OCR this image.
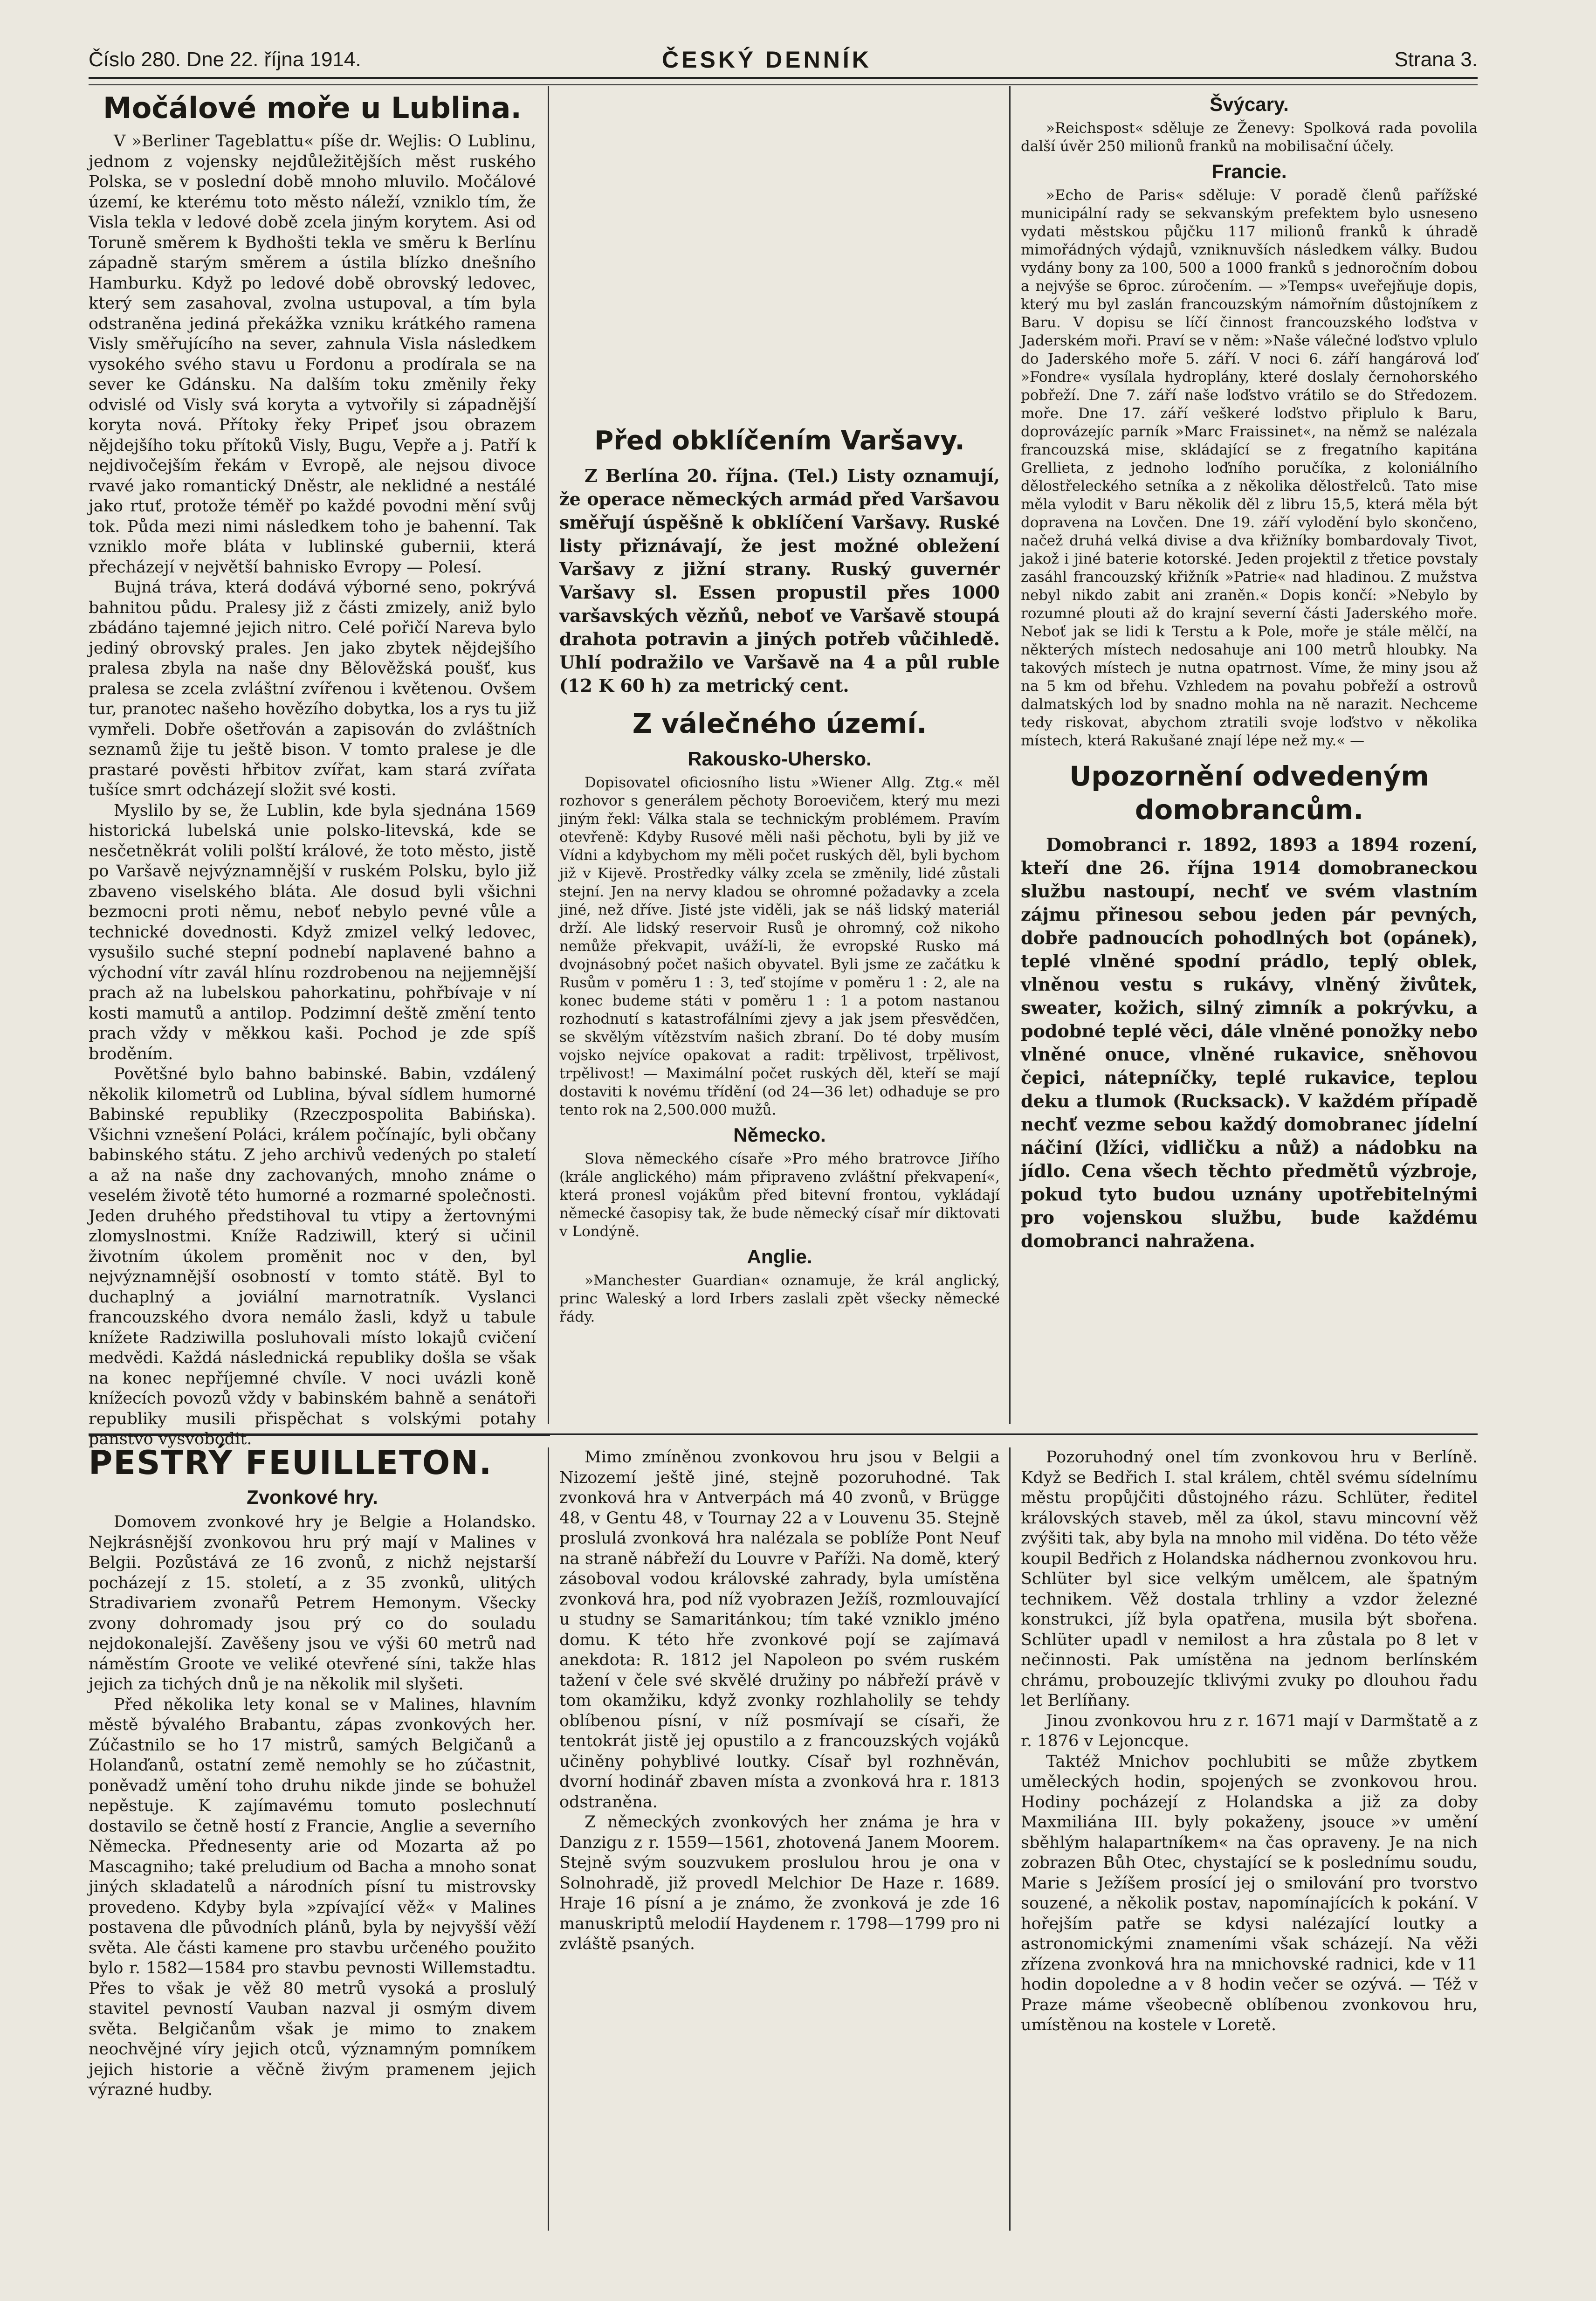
Číslo 280. Dne 22. října 1914.	ČESKÝ DENNÍK	Strana 3.
Močálové moře u Lublina.

V »Berliner Tageblattu« píše dr. Wejlis: O Lublinu, jednom z vojensky nejdůležitějších měst ruského Polska, se v poslední době mnoho mluvilo. Močálové území, ke kterému toto město náleží, vzniklo tím, že Visla tekla v ledové době zcela jiným korytem. Asi od Toruně směrem k Bydhošti tekla ve směru k Berlínu západně starým směrem a ústila blízko dnešního Hamburku. Když po ledové době obrovský ledovec, který sem zasahoval, zvolna ustupoval, a tím byla odstraněna jediná překážka vzniku krátkého ramena Visly směřujícího na sever, zahnula Visla následkem vysokého svého stavu u Fordonu a prodírala se na sever ke Gdánsku. Na dalším toku změnily řeky odvislé od Visly svá koryta a vytvořily si západnější koryta nová. Přítoky řeky Pripeť jsou obrazem nějdejšího toku přítoků Visly, Bugu, Vepře a j. Patří k nejdivočejším řekám v Evropě, ale nejsou divoce rvavé jako romantický Dněstr, ale neklidné a nestálé jako rtuť, protože téměř po každé povodni mění svůj tok. Půda mezi nimi následkem toho je bahenní. Tak vzniklo moře bláta v lublinské gubernii, která přecházejí v největší bahnisko Evropy — Polesí.

Bujná tráva, která dodává výborné seno, pokrývá bahnitou půdu. Pralesy již z části zmizely, aniž bylo zbádáno tajemné jejich nitro. Celé pořičí Nareva bylo jediný obrovský prales. Jen jako zbytek nějdejšího pralesa zbyla na naše dny Bělověžská poušť, kus pralesa se zcela zvláštní zvířenou i květenou. Ovšem tur, pranotec našeho hovězího dobytka, los a rys tu již vymřeli. Dobře ošetřován a zapisován do zvláštních seznamů žije tu ještě bison. V tomto pralese je dle prastaré pověsti hřbitov zvířat, kam stará zvířata tušíce smrt odcházejí složit své kosti.

Myslilo by se, že Lublin, kde byla sjednána 1569 historická lubelská unie polsko-litevská, kde se nesčetněkrát volili polští králové, že toto město, jistě po Varšavě nejvýznamnější v ruském Polsku, bylo již zbaveno viselského bláta. Ale dosud byli všichni bezmocni proti němu, neboť nebylo pevné vůle a technické dovednosti. Když zmizel velký ledovec, vysušilo suché stepní podnebí naplavené bahno a východní vítr zavál hlínu rozdrobenou na nejjemnější prach až na lubelskou pahorkatinu, pohřbívaje v ní kosti mamutů a antilop. Podzimní deště změní tento prach vždy v měkkou kaši. Pochod je zde spíš broděním.

Povětšné bylo bahno babinské. Babin, vzdálený několik kilometrů od Lublina, býval sídlem humorné Babinské republiky (Rzeczpospolita Babińska). Všichni vznešení Poláci, králem počínajíc, byli občany babinského státu. Z jeho archivů vedených po staletí a až na naše dny zachovaných, mnoho známe o veselém životě této humorné a rozmarné společnosti. Jeden druhého předstihoval tu vtipy a žertovnými zlomyslnostmi. Kníže Radziwill, který si učinil životním úkolem proměnit noc v den, byl nejvýznamnější osobností v tomto státě. Byl to duchaplný a joviální marnotratník. Vyslanci francouzského dvora nemálo žasli, když u tabule knížete Radziwilla posluhovali místo lokajů cvičení medvědi. Každá následnická republiky došla se však na konec nepříjemné chvíle. V noci uvázli koně knížecích povozů vždy v babinském bahně a senátoři republiky musili přispěchat s volskými potahy panstvo vysvobodit.

Před obklíčením Varšavy.

Z Berlína 20. října. (Tel.) Listy oznamují, že operace německých armád před Varšavou směřují úspěšně k obklíčení Varšavy. Ruské listy přiznávají, že jest možné obležení Varšavy z jižní strany. Ruský guvernér Varšavy sl. Essen propustil přes 1000 varšavských vězňů, neboť ve Varšavě stoupá drahota potravin a jiných potřeb vůčihledě. Uhlí podražilo ve Varšavě na 4 a půl ruble (12 K 60 h) za metrický cent.

Z válečného území.
Rakousko-Uhersko.

Dopisovatel oficiosního listu »Wiener Allg. Ztg.« měl rozhovor s generálem pěchoty Boroevičem, který mu mezi jiným řekl: Válka stala se technickým problémem. Pravím otevřeně: Kdyby Rusové měli naši pěchotu, byli by již ve Vídni a kdybychom my měli počet ruských děl, byli bychom již v Kijevě. Prostředky války zcela se změnily, lidé zůstali stejní. Jen na nervy kladou se ohromné požadavky a zcela jiné, než dříve. Jisté jste viděli, jak se náš lidský materiál drží. Ale lidský reservoir Rusů je ohromný, což nikoho nemůže překvapit, uváží-li, že evropské Rusko má dvojnásobný počet našich obyvatel. Byli jsme ze začátku k Rusům v poměru 1 : 3, teď stojíme v poměru 1 : 2, ale na konec budeme státi v poměru 1 : 1 a potom nastanou rozhodnutí s katastrofálními zjevy a jak jsem přesvědčen, se skvělým vítězstvím našich zbraní. Do té doby musím vojsko nejvíce opakovat a radit: trpělivost, trpělivost, trpělivost! — Maximální počet ruských děl, kteří se mají dostaviti k novému třídění (od 24—36 let) odhaduje se pro tento rok na 2,500.000 mužů.

Německo.

Slova německého císaře »Pro mého bratrovce Jiřího (krále anglického) mám připraveno zvláštní překvapení«, která pronesl vojákům před bitevní frontou, vykládají německé časopisy tak, že bude německý císař mír diktovati v Londýně.

Anglie.

»Manchester Guardian« oznamuje, že král anglický, princ Waleský a lord Irbers zaslali zpět všecky německé řády.

Švýcary.

»Reichspost« sděluje ze Ženevy: Spolková rada povolila další úvěr 250 milionů franků na mobilisační účely.

Francie.

»Echo de Paris« sděluje: V poradě členů pařížské municipální rady se sekvanským prefektem bylo usneseno vydati městskou půjčku 117 milionů franků k úhradě mimořádných výdajů, vzniknuvších následkem války. Budou vydány bony za 100, 500 a 1000 franků s jednoročním dobou a nejvýše se 6proc. zúročením. — »Temps« uveřejňuje dopis, který mu byl zaslán francouzským námořním důstojníkem z Baru. V dopisu se líčí činnost francouzského loďstva v Jaderském moři. Praví se v něm: »Naše válečné loďstvo vplulo do Jaderského moře 5. září. V noci 6. září hangárová loď »Fondre« vysílala hydroplány, které doslaly černohorského pobřeží. Dne 7. září naše loďstvo vrátilo se do Středozem. moře. Dne 17. září veškeré loďstvo připlulo k Baru, doprovázejíc parník »Marc Fraissinet«, na němž se nalézala francouzská mise, skládající se z fregatního kapitána Grellieta, z jednoho loďního poručíka, z koloniálního dělostřeleckého setníka a z několika dělostřelců. Tato mise měla vylodit v Baru několik děl z libru 15,5, která měla být dopravena na Lovčen. Dne 19. září vylodění bylo skončeno, načež druhá velká divise a dva křižníky bombardovaly Tivot, jakož i jiné baterie kotorské. Jeden projektil z třetice povstaly zasáhl francouzský křižník »Patrie« nad hladinou. Z mužstva nebyl nikdo zabit ani zraněn.« Dopis končí: »Nebylo by rozumné plouti až do krajní severní části Jaderského moře. Neboť jak se lidi k Terstu a k Pole, moře je stále mělčí, na některých místech nedosahuje ani 100 metrů hloubky. Na takových místech je nutna opatrnost. Víme, že miny jsou až na 5 km od břehu. Vzhledem na povahu pobřeží a ostrovů dalmatských lod by snadno mohla na ně narazit. Nechceme tedy riskovat, abychom ztratili svoje loďstvo v několika místech, která Rakušané znají lépe než my.« —

Upozornění odvedeným domobrancům.

Domobranci r. 1892, 1893 a 1894 rození, kteří dne 26. října 1914 domobraneckou službu nastoupí, nechť ve svém vlastním zájmu přinesou sebou jeden pár pevných, dobře padnoucích pohodlných bot (opánek), teplé vlněné spodní prádlo, teplý oblek, vlněnou vestu s rukávy, vlněný živůtek, sweater, kožich, silný zimník a pokrývku, a podobné teplé věci, dále vlněné ponožky nebo vlněné onuce, vlněné rukavice, sněhovou čepici, nátepníčky, teplé rukavice, teplou deku a tlumok (Rucksack). V každém případě nechť vezme sebou každý domobranec jídelní náčiní (lžíci, vidličku a nůž) a nádobku na jídlo. Cena všech těchto předmětů výzbroje, pokud tyto budou uznány upotřebitelnými pro vojenskou službu, bude každému domobranci nahražena.

PESTRÝ FEUILLETON.
Zvonkové hry.

Domovem zvonkové hry je Belgie a Holandsko. Nejkrásnější zvonkovou hru prý mají v Malines v Belgii. Pozůstává ze 16 zvonů, z nichž nejstarší pocházejí z 15. století, a z 35 zvonků, ulitých Stradivariem zvonařů Petrem Hemonym. Všecky zvony dohromady jsou prý co do souladu nejdokonalejší. Zavěšeny jsou ve výši 60 metrů nad náměstím Groote ve veliké otevřené síni, takže hlas jejich za tichých dnů je na několik mil slyšeti.

Před několika lety konal se v Malines, hlavním městě bývalého Brabantu, zápas zvonkových her. Zúčastnilo se ho 17 mistrů, samých Belgičanů a Holanďanů, ostatní země nemohly se ho zúčastnit, poněvadž umění toho druhu nikde jinde se bohužel nepěstuje. K zajímavému tomuto poslechnutí dostavilo se četně hostí z Francie, Anglie a severního Německa. Přednesenty arie od Mozarta až po Mascagniho; také preludium od Bacha a mnoho sonat jiných skladatelů a národních písní tu mistrovsky provedeno. Kdyby byla »zpívající věž« v Malines postavena dle původních plánů, byla by nejvyšší věží světa. Ale části kamene pro stavbu určeného použito bylo r. 1582—1584 pro stavbu pevnosti Willemstadtu. Přes to však je věž 80 metrů vysoká a proslulý stavitel pevností Vauban nazval ji osmým divem světa. Belgičanům však je mimo to znakem neochvějné víry jejich otců, významným pomníkem jejich historie a věčně živým pramenem jejich výrazné hudby.

Mimo zmíněnou zvonkovou hru jsou v Belgii a Nizozemí ještě jiné, stejně pozoruhodné. Tak zvonková hra v Antverpách má 40 zvonů, v Brügge 48, v Gentu 48, v Tournay 22 a v Louvenu 35. Stejně proslulá zvonková hra nalézala se poblíže Pont Neuf na straně nábřeží du Louvre v Paříži. Na domě, který zásoboval vodou královské zahrady, byla umístěna zvonková hra, pod níž vyobrazen Ježíš, rozmlouvající u studny se Samaritánkou; tím také vzniklo jméno domu. K této hře zvonkové pojí se zajímavá anekdota: R. 1812 jel Napoleon po svém ruském tažení v čele své skvělé družiny po nábřeží právě v tom okamžiku, když zvonky rozhlaholily se tehdy oblíbenou písní, v níž posmívají se císaři, že tentokrát jistě jej opustilo a z francouzských vojáků učiněny pohyblivé loutky. Císař byl rozhněván, dvorní hodinář zbaven místa a zvonková hra r. 1813 odstraněna.

Z německých zvonkových her známa je hra v Danzigu z r. 1559—1561, zhotovená Janem Moorem. Stejně svým souzvukem proslulou hrou je ona v Solnohradě, již provedl Melchior De Haze r. 1689. Hraje 16 písní a je známo, že zvonková je zde 16 manuskriptů melodií Haydenem r. 1798—1799 pro ni zvláště psaných.

Pozoruhodný onel tím zvonkovou hru v Berlíně. Když se Bedřich I. stal králem, chtěl svému sídelnímu městu propůjčiti důstojného rázu. Schlüter, ředitel královských staveb, měl za úkol, stavu mincovní věž zvýšiti tak, aby byla na mnoho mil viděna. Do této věže koupil Bedřich z Holandska nádhernou zvonkovou hru. Schlüter byl sice velkým umělcem, ale špatným technikem. Věž dostala trhliny a vzdor železné konstrukci, jíž byla opatřena, musila být sbořena. Schlüter upadl v nemilost a hra zůstala po 8 let v nečinnosti. Pak umístěna na jednom berlínském chrámu, probouzejíc tklivými zvuky po dlouhou řadu let Berlíňany.

Jinou zvonkovou hru z r. 1671 mají v Darmštatě a z r. 1876 v Lejoncque.

Taktéž Mnichov pochlubiti se může zbytkem uměleckých hodin, spojených se zvonkovou hrou. Hodiny pocházejí z Holandska a již za doby Maxmiliána III. byly pokaženy, jsouce »v umění sběhlým halapartníkem« na čas opraveny. Je na nich zobrazen Bůh Otec, chystající se k poslednímu soudu, Marie s Ježíšem prosící jej o smilování pro tvorstvo souzené, a několik postav, napomínajících k pokání. V hořejším patře se kdysi nalézající loutky a astronomickými znameními však scházejí. Na věži zřízena zvonková hra na mnichovské radnici, kde v 11 hodin dopoledne a v 8 hodin večer se ozývá. — Též v Praze máme všeobecně oblíbenou zvonkovou hru, umístěnou na kostele v Loretě.
